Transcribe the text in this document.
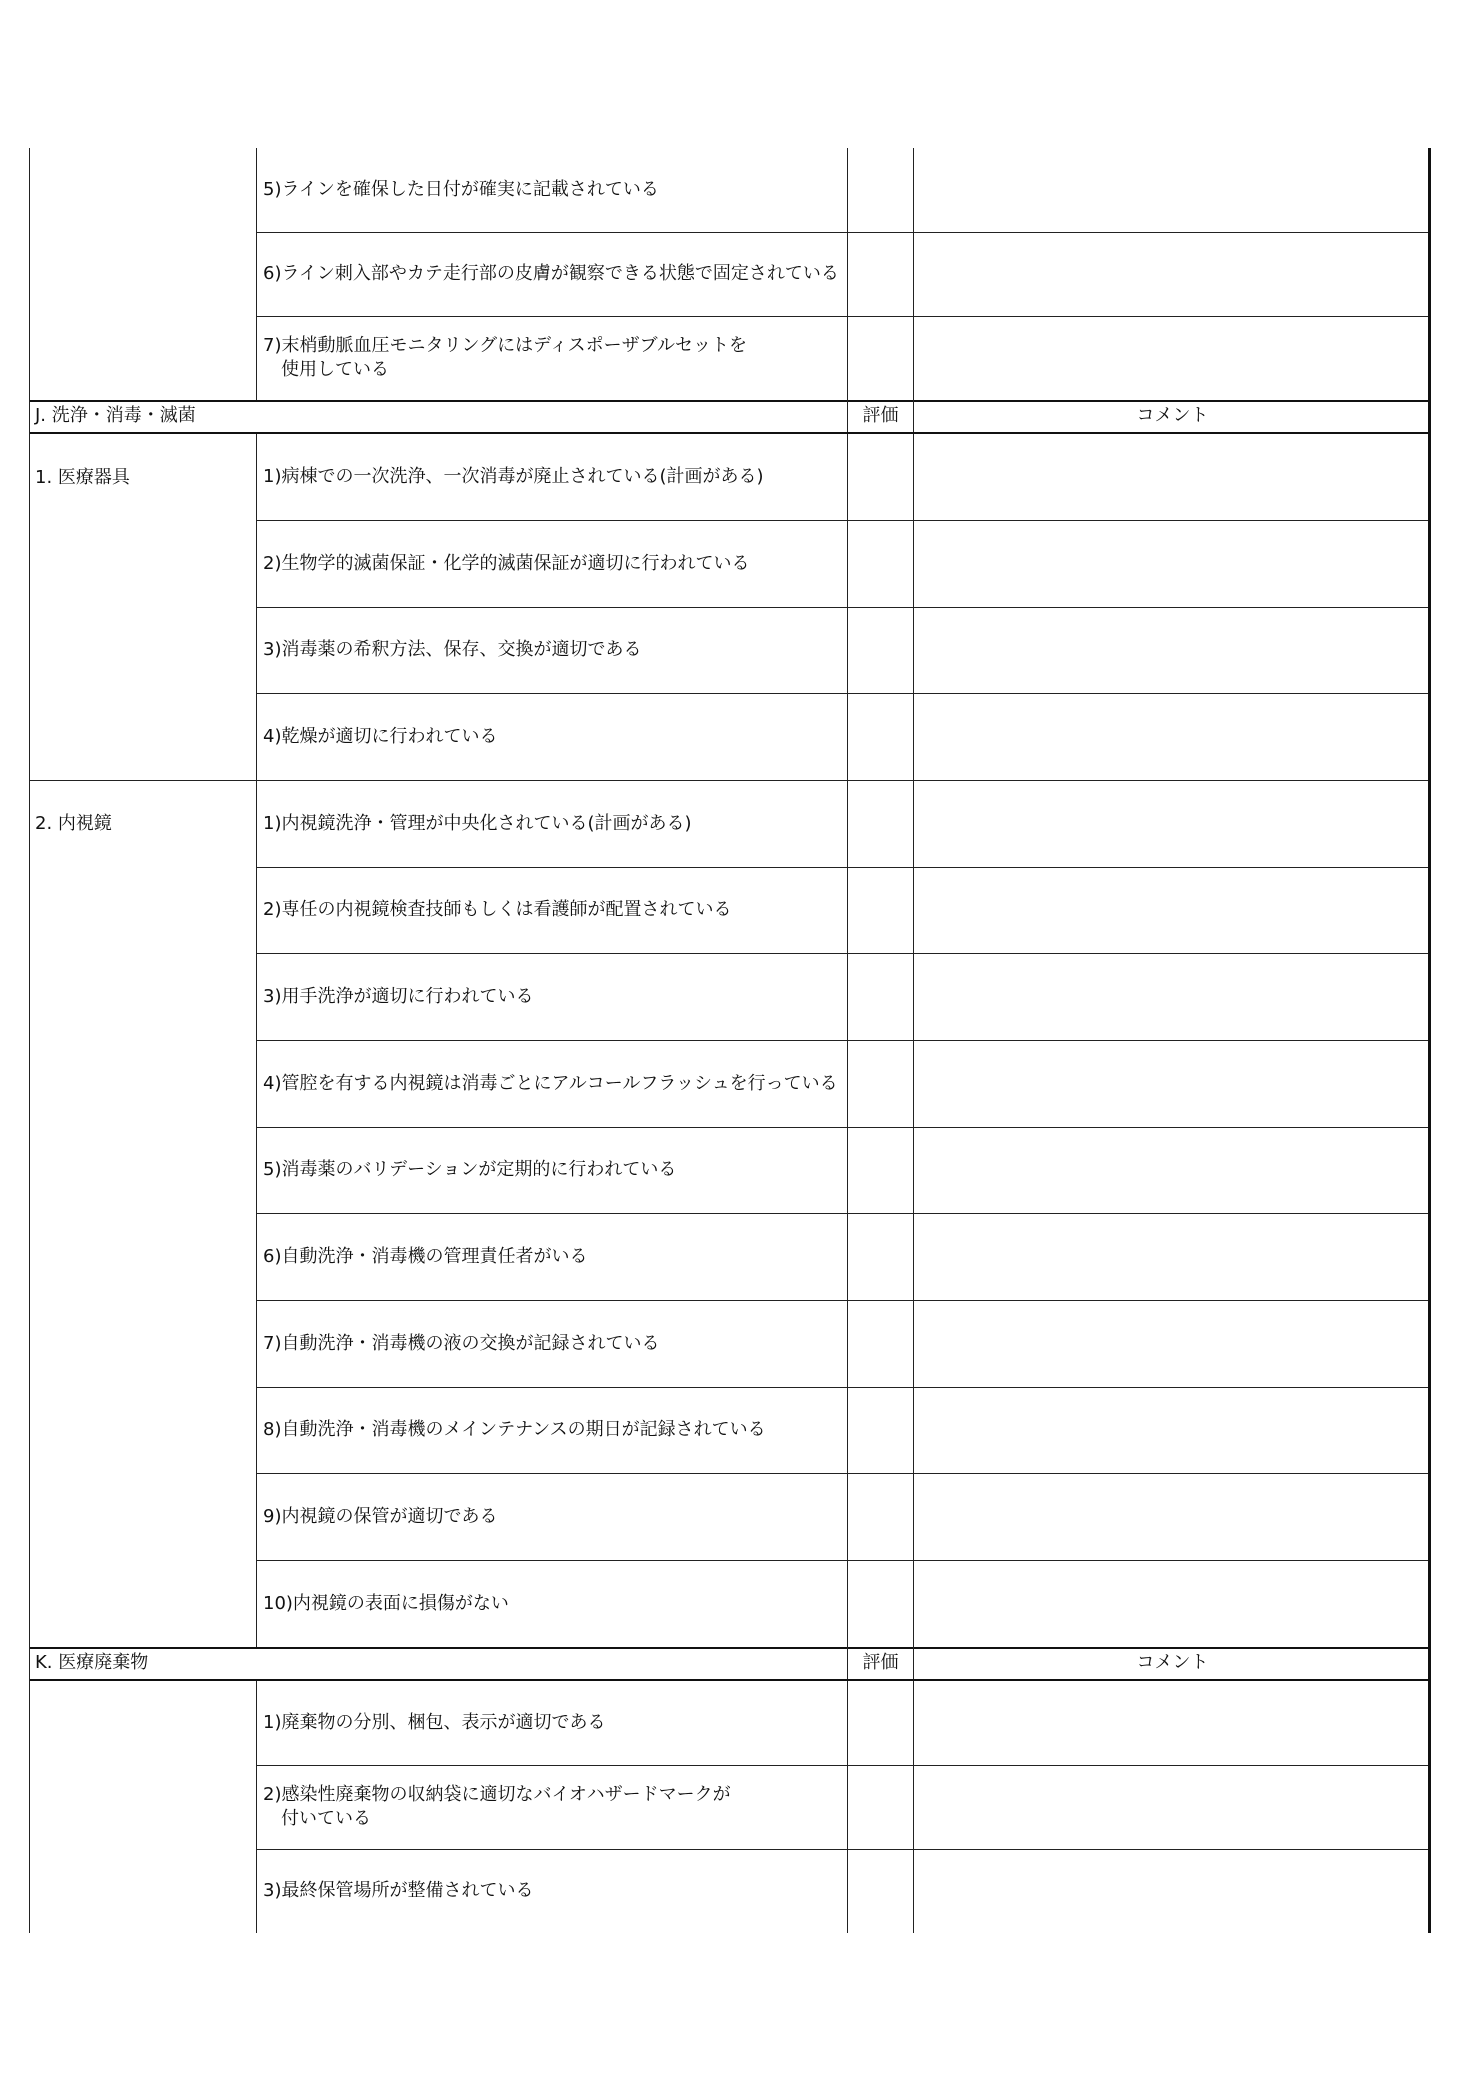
5)ラインを確保した日付が確実に記載されている
6)ライン刺入部やカテ走行部の皮膚が観察できる状態で固定されている
7)末梢動脈血圧モニタリングにはディスポーザブルセットを
　使用している
J. 洗浄・消毒・滅菌	評価	コメント
1. 医療器具	1)病棟での一次洗浄、一次消毒が廃止されている(計画がある)
2)生物学的滅菌保証・化学的滅菌保証が適切に行われている
3)消毒薬の希釈方法、保存、交換が適切である
4)乾燥が適切に行われている
2. 内視鏡	1)内視鏡洗浄・管理が中央化されている(計画がある)
2)専任の内視鏡検査技師もしくは看護師が配置されている
3)用手洗浄が適切に行われている
4)管腔を有する内視鏡は消毒ごとにアルコールフラッシュを行っている
5)消毒薬のバリデーションが定期的に行われている
6)自動洗浄・消毒機の管理責任者がいる
7)自動洗浄・消毒機の液の交換が記録されている
8)自動洗浄・消毒機のメインテナンスの期日が記録されている
9)内視鏡の保管が適切である
10)内視鏡の表面に損傷がない
K. 医療廃棄物	評価	コメント
1)廃棄物の分別、梱包、表示が適切である
2)感染性廃棄物の収納袋に適切なバイオハザードマークが
　付いている
3)最終保管場所が整備されている
